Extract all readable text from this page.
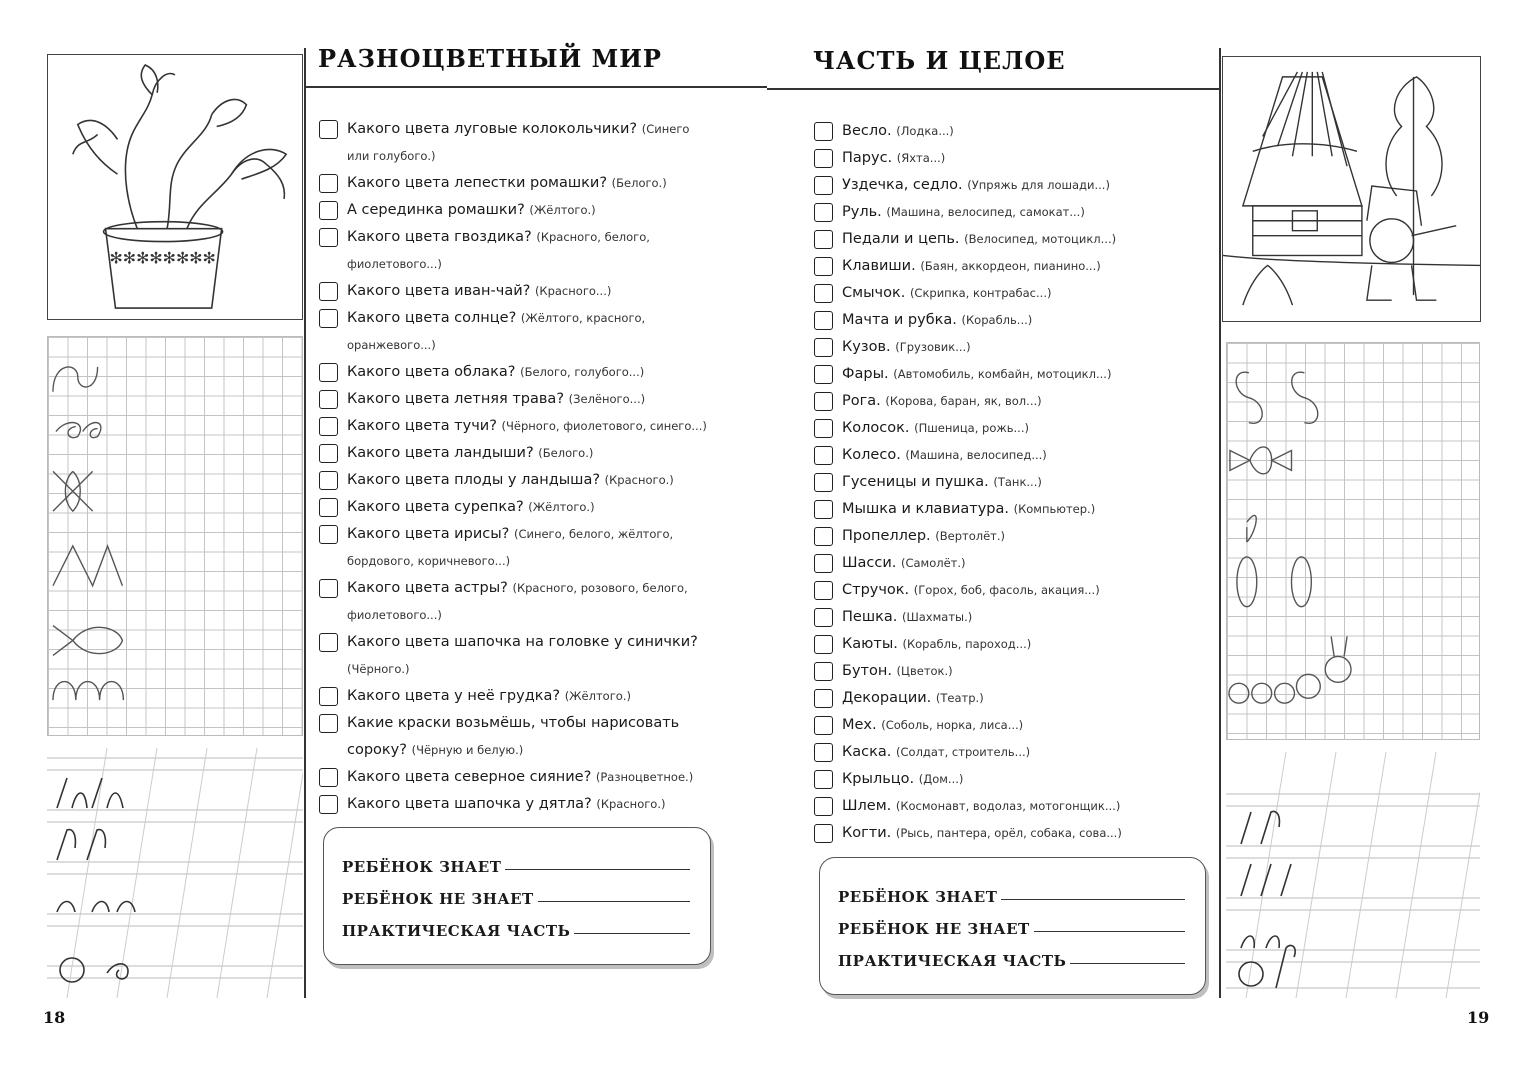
РАЗНОЦВЕТНЫЙ МИР
✻✻✻✻✻✻✻✻
Какого цвета луговые колокольчики? (Синего или голубого.)
Какого цвета лепестки ромашки? (Белого.)
А серединка ромашки? (Жёлтого.)
Какого цвета гвоздика? (Красного, белого, фиолетового...)
Какого цвета иван-чай? (Красного...)
Какого цвета солнце? (Жёлтого, красного, оранжевого...)
Какого цвета облака? (Белого, голубого...)
Какого цвета летняя трава? (Зелёного...)
Какого цвета тучи? (Чёрного, фиолетового, синего...)
Какого цвета ландыши? (Белого.)
Какого цвета плоды у ландыша? (Красного.)
Какого цвета сурепка? (Жёлтого.)
Какого цвета ирисы? (Синего, белого, жёлтого, бордового, коричневого...)
Какого цвета астры? (Красного, розового, белого, фиолетового...)
Какого цвета шапочка на головке у синички? (Чёрного.)
Какого цвета у неё грудка? (Жёлтого.)
Какие краски возьмёшь, чтобы нарисовать сороку? (Чёрную и белую.)
Какого цвета северное сияние? (Разноцветное.)
Какого цвета шапочка у дятла? (Красного.)
РЕБЁНОК ЗНАЕТ
РЕБЁНОК НЕ ЗНАЕТ
ПРАКТИЧЕСКАЯ ЧАСТЬ
18
ЧАСТЬ И ЦЕЛОЕ
Весло. (Лодка...)
Парус. (Яхта...)
Уздечка, седло. (Упряжь для лошади...)
Руль. (Машина, велосипед, самокат...)
Педали и цепь. (Велосипед, мотоцикл...)
Клавиши. (Баян, аккордеон, пианино...)
Смычок. (Скрипка, контрабас...)
Мачта и рубка. (Корабль...)
Кузов. (Грузовик...)
Фары. (Автомобиль, комбайн, мотоцикл...)
Рога. (Корова, баран, як, вол...)
Колосок. (Пшеница, рожь...)
Колесо. (Машина, велосипед...)
Гусеницы и пушка. (Танк...)
Мышка и клавиатура. (Компьютер.)
Пропеллер. (Вертолёт.)
Шасси. (Самолёт.)
Стручок. (Горох, боб, фасоль, акация...)
Пешка. (Шахматы.)
Каюты. (Корабль, пароход...)
Бутон. (Цветок.)
Декорации. (Театр.)
Мех. (Соболь, норка, лиса...)
Каска. (Солдат, строитель...)
Крыльцо. (Дом...)
Шлем. (Космонавт, водолаз, мотогонщик...)
Когти. (Рысь, пантера, орёл, собака, сова...)
РЕБЁНОК ЗНАЕТ
РЕБЁНОК НЕ ЗНАЕТ
ПРАКТИЧЕСКАЯ ЧАСТЬ
19
